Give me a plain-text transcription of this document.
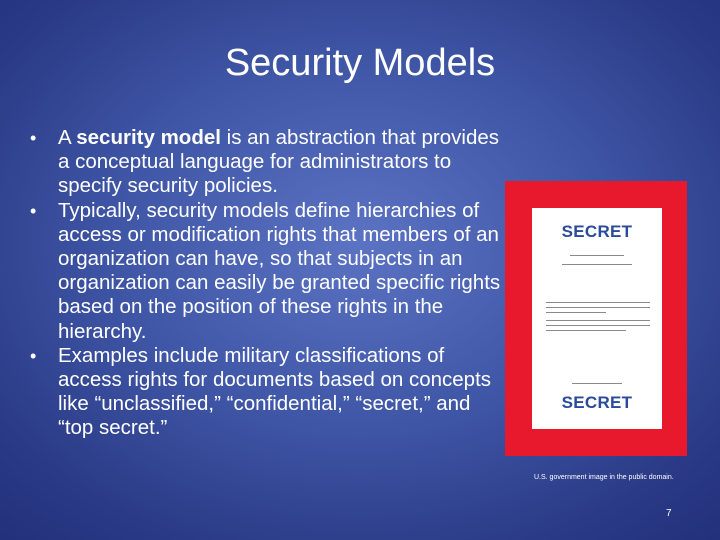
Security Models
• A security model is an abstraction that provides a conceptual language for administrators to specify security policies.
• Typically, security models define hierarchies of access or modification rights that members of an organization can have, so that subjects in an organization can easily be granted specific rights based on the position of these rights in the hierarchy.
• Examples include military classifications of access rights for documents based on concepts like “unclassified,” “confidential,” “secret,” and “top secret.”
SECRET
SECRET
U.S. government image in the public domain.
7
